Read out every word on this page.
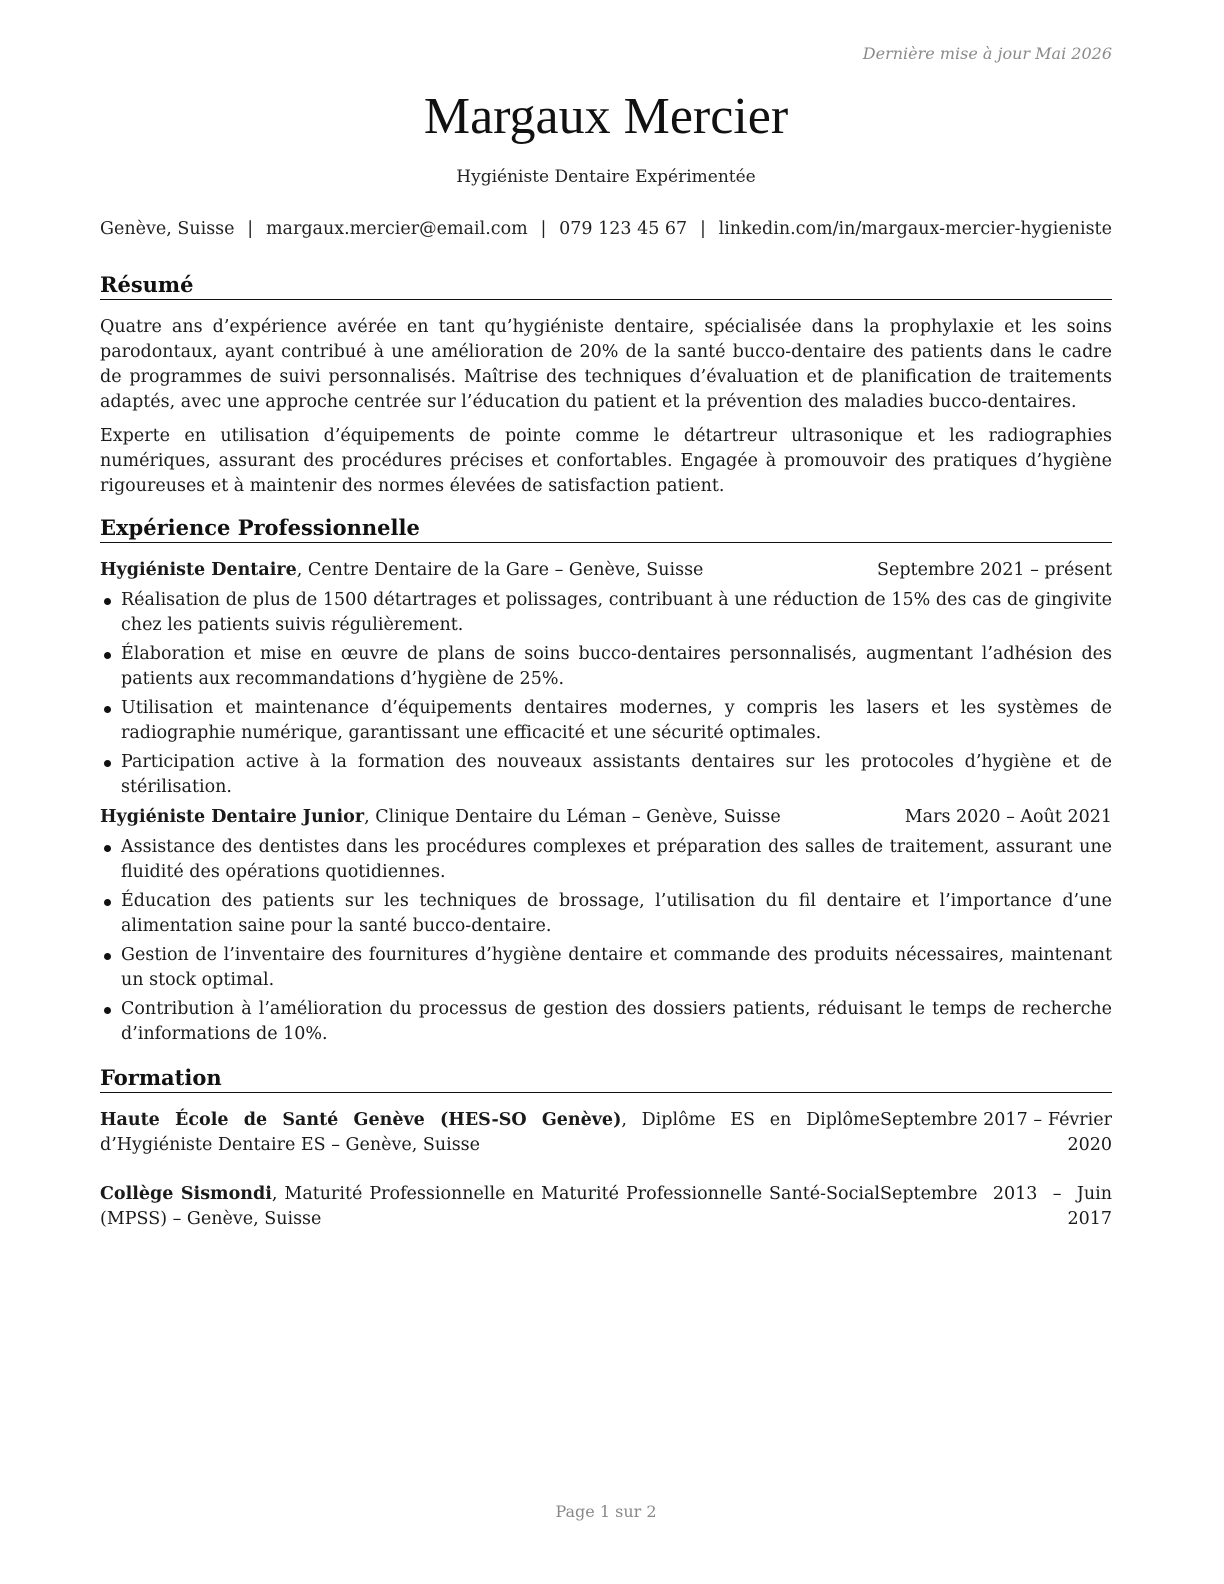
Dernière mise à jour Mai 2026
Margaux Mercier
Hygiéniste Dentaire Expérimentée
Genève, Suisse | margaux.mercier@email.com | 079 123 45 67 | linkedin.com/in/margaux-mercier-hygieniste
Résumé
Quatre ans d’expérience avérée en tant qu’hygiéniste dentaire, spécialisée dans la prophylaxie et les soins parodontaux, ayant contribué à une amélioration de 20% de la santé bucco-dentaire des patients dans le cadre de programmes de suivi personnalisés. Maîtrise des techniques d’évaluation et de planification de traitements adaptés, avec une approche centrée sur l’éducation du patient et la prévention des maladies bucco-dentaires.
Experte en utilisation d’équipements de pointe comme le détartreur ultrasonique et les radiographies numériques, assurant des procédures précises et confortables. Engagée à promouvoir des pratiques d’hygiène rigoureuses et à maintenir des normes élevées de satisfaction patient.
Expérience Professionnelle
Hygiéniste Dentaire, Centre Dentaire de la Gare – Genève, Suisse	Septembre 2021 – présent
Réalisation de plus de 1500 détartrages et polissages, contribuant à une réduction de 15% des cas de gingivite chez les patients suivis régulièrement.
Élaboration et mise en œuvre de plans de soins bucco-dentaires personnalisés, augmentant l’adhésion des patients aux recommandations d’hygiène de 25%.
Utilisation et maintenance d’équipements dentaires modernes, y compris les lasers et les systèmes de radiographie numérique, garantissant une efficacité et une sécurité optimales.
Participation active à la formation des nouveaux assistants dentaires sur les protocoles d’hygiène et de stérilisation.
Hygiéniste Dentaire Junior, Clinique Dentaire du Léman – Genève, Suisse	Mars 2020 – Août 2021
Assistance des dentistes dans les procédures complexes et préparation des salles de traitement, assurant une fluidité des opérations quotidiennes.
Éducation des patients sur les techniques de brossage, l’utilisation du fil dentaire et l’importance d’une alimentation saine pour la santé bucco-dentaire.
Gestion de l’inventaire des fournitures d’hygiène dentaire et commande des produits nécessaires, maintenant un stock optimal.
Contribution à l’amélioration du processus de gestion des dossiers patients, réduisant le temps de recherche d’informations de 10%.
Formation
Haute École de Santé Genève (HES-SO Genève), Diplôme ES en Diplôme d’Hygiéniste Dentaire ES – Genève, Suisse
Septembre 2017 – Février 2020
Collège Sismondi, Maturité Professionnelle en Maturité Professionnelle Santé-Social (MPSS) – Genève, Suisse
Septembre 2013 – Juin 2017
Page 1 sur 2
